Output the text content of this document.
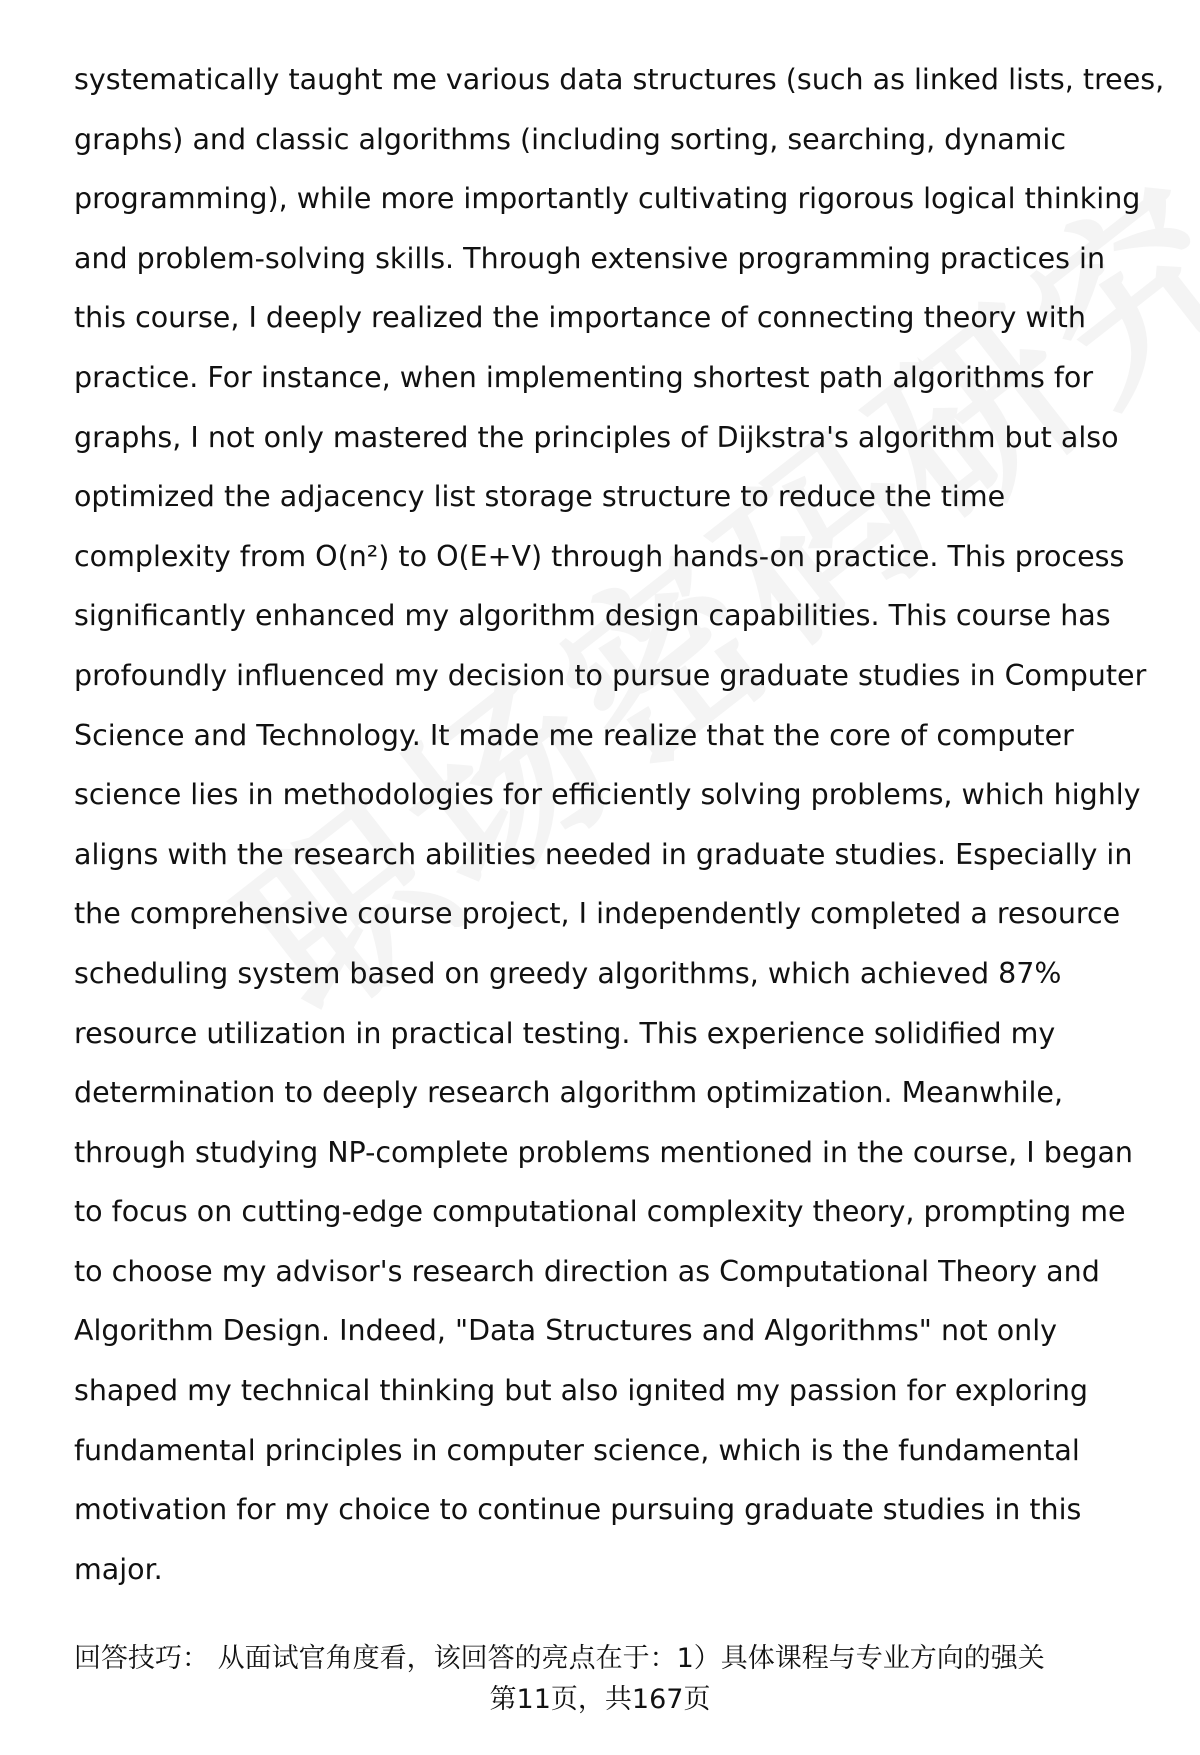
systematically taught me various data structures (such as linked lists, trees,
graphs) and classic algorithms (including sorting, searching, dynamic
programming), while more importantly cultivating rigorous logical thinking
and problem-solving skills. Through extensive programming practices in
this course, I deeply realized the importance of connecting theory with
practice. For instance, when implementing shortest path algorithms for
graphs, I not only mastered the principles of Dijkstra's algorithm but also
optimized the adjacency list storage structure to reduce the time
complexity from O(n²) to O(E+V) through hands-on practice. This process
significantly enhanced my algorithm design capabilities. This course has
profoundly influenced my decision to pursue graduate studies in Computer
Science and Technology. It made me realize that the core of computer
science lies in methodologies for efficiently solving problems, which highly
aligns with the research abilities needed in graduate studies. Especially in
the comprehensive course project, I independently completed a resource
scheduling system based on greedy algorithms, which achieved 87%
resource utilization in practical testing. This experience solidified my
determination to deeply research algorithm optimization. Meanwhile,
through studying NP-complete problems mentioned in the course, I began
to focus on cutting-edge computational complexity theory, prompting me
to choose my advisor's research direction as Computational Theory and
Algorithm Design. Indeed, "Data Structures and Algorithms" not only
shaped my technical thinking but also ignited my passion for exploring
fundamental principles in computer science, which is the fundamental
motivation for my choice to continue pursuing graduate studies in this
major.
回答技巧： 从面试官角度看，该回答的亮点在于：1）具体课程与专业方向的强关
第11页，共167页
